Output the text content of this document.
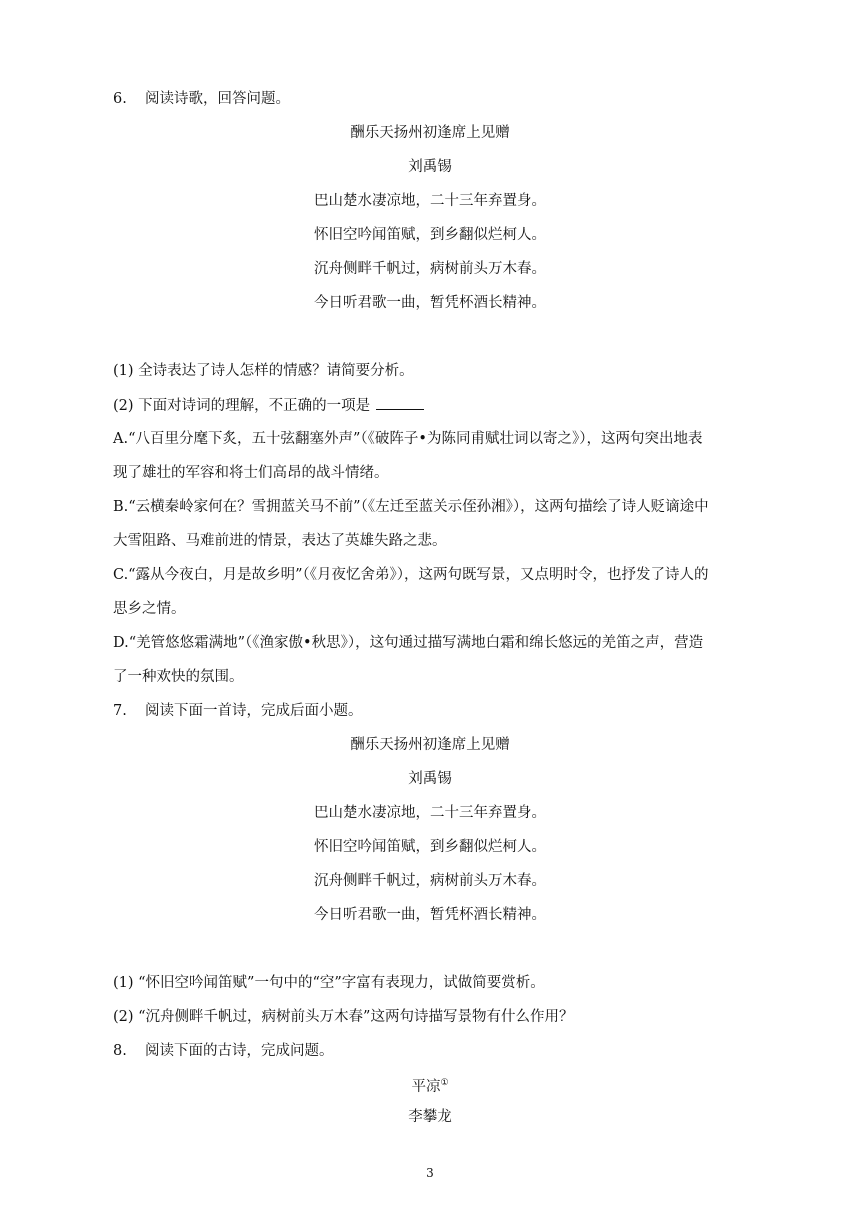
6. 阅读诗歌，回答问题。
酬乐天扬州初逢席上见赠
刘禹锡
巴山楚水凄凉地，二十三年弃置身。
怀旧空吟闻笛赋，到乡翻似烂柯人。
沉舟侧畔千帆过，病树前头万木春。
今日听君歌一曲，暂凭杯酒长精神。
(1) 全诗表达了诗人怎样的情感？请简要分析。
(2) 下面对诗词的理解，不正确的一项是
A.“八百里分麾下炙，五十弦翻塞外声”（《破阵子•为陈同甫赋壮词以寄之》），这两句突出地表
现了雄壮的军容和将士们高昂的战斗情绪。
B.“云横秦岭家何在？雪拥蓝关马不前”（《左迁至蓝关示侄孙湘》），这两句描绘了诗人贬谪途中
大雪阻路、马难前进的情景，表达了英雄失路之悲。
C.“露从今夜白，月是故乡明”（《月夜忆舍弟》），这两句既写景，又点明时令，也抒发了诗人的
思乡之情。
D.“羌管悠悠霜满地”（《渔家傲•秋思》），这句通过描写满地白霜和绵长悠远的羌笛之声，营造
了一种欢快的氛围。
7. 阅读下面一首诗，完成后面小题。
酬乐天扬州初逢席上见赠
刘禹锡
巴山楚水凄凉地，二十三年弃置身。
怀旧空吟闻笛赋，到乡翻似烂柯人。
沉舟侧畔千帆过，病树前头万木春。
今日听君歌一曲，暂凭杯酒长精神。
(1) “怀旧空吟闻笛赋”一句中的“空”字富有表现力，试做简要赏析。
(2) “沉舟侧畔千帆过，病树前头万木春”这两句诗描写景物有什么作用？
8. 阅读下面的古诗，完成问题。
平凉①
李攀龙
3
